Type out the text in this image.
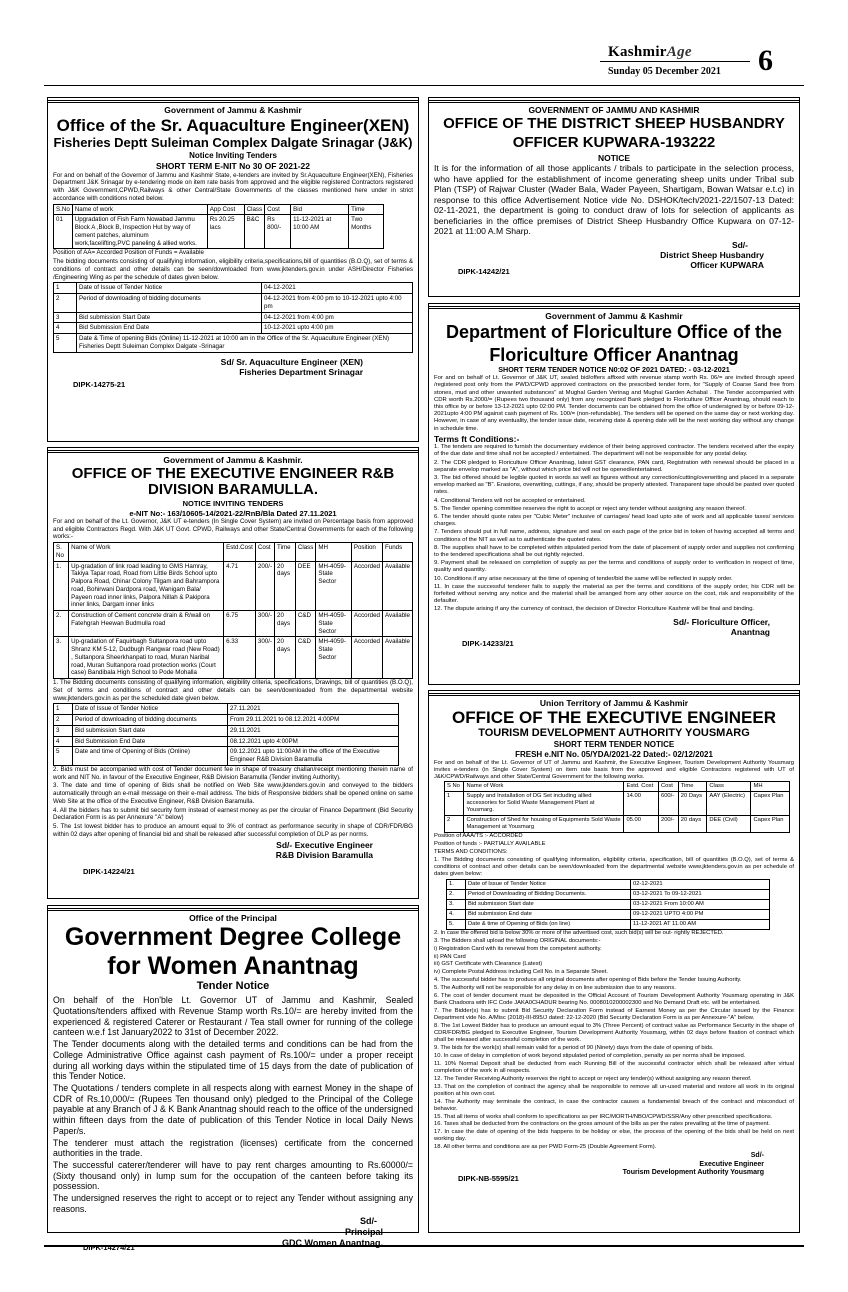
KashmirAge
Sunday 05 December 2021 6
Government of Jammu & Kashmir
Office of the Sr. Aquaculture Engineer(XEN)
Fisheries Deptt Suleiman Complex Dalgate Srinagar (J&K)
Notice Inviting Tenders
SHORT TERM E-NIT No 30 OF 2021-22

For and on behalf of the Governor of Jammu and Kashmir State, e-tenders are invited by Sr.Aquaculture Engineer(XEN), Fisheries Department J&K Srinagar by e-tendering mode on item rate basis from approved and the eligible registered Contractors registered with J&K Government,CPWD,Railways & other Central/State Governments of the classes mentioned here under in strict accordance with conditions noted below.

S.No	Name of work	App Cost	Class	Cost	Bid	Time
01	Upgradation of Fish Farm Nowabad Jammu Block A ,Block B, Inspection Hut by way of cement patches, aluminum work,facelifting,PVC paneling & allied works.	Rs 20.25 lacs	B&C	Rs 800/-	11-12-2021 at 10:00 AM	Two Months

Position of AA= Accorded Position of Funds = Available

The bidding documents consisting of qualifying information, eligibility criteria,specifications,bill of quantities (B.O.Q), set of terms & conditions of contract and other details can be seen/downloaded from www.jktenders.gov.in under ASH/Director Fisheries /Engineering Wing as per the schedule of dates given below.

1	Date of Issue of Tender Notice	04-12-2021
2	Period of downloading of bidding documents	04-12-2021 from 4:00 pm to 10-12-2021 upto 4:00 pm
3	Bid submission Start Date	04-12-2021 from 4:00 pm
4	Bid Submission End Date	10-12-2021 upto 4:00 pm
5	Date & Time of opening Bids (Online) 11-12-2021 at 10:00 am in the Office of the Sr. Aquaculture Engineer (XEN) Fisheries Deptt Suleiman Complex Dalgate -Srinagar	
Sd/ Sr. Aquaculture Engineer (XEN)
Fisheries Department Srinagar
DIPK-14275-21
Government of Jammu & Kashmir.
OFFICE OF THE EXECUTIVE ENGINEER R&B DIVISION BARAMULLA.
NOTICE INVITING TENDERS
e-NIT No:- 163/10605-14/2021-22/RnB/Bla Dated 27.11.2021

For and on behalf of the Lt. Governor, J&K UT e-tenders (In Single Cover System) are invited on Percentage basis from approved and eligible Contractors Regd. With J&K UT Govt. CPWD, Railways and other State/Central Governments for each of the following works:-

S. No	Name of Work	Estd.Cost	Cost	Time	Class	MH	Position	Funds
1.	Up-gradation of link road leading to GMS Hamray, Takiya Tapar road, Road from Little Birds School upto Palpora Road, Chinar Colony Tilgam and Bahrampora road, Bohirwani Dardpora road, Wanigam Bala/ Payeen road inner links, Palpora Nillah & Pakipora inner links, Dargam inner links	4.71	200/-	20 days	DEE	MH-4059-State Sector	Accorded	Available
2.	Construction of Cement concrete drain & R/wall on Fatehgrah Heewan Budmulla road	6.75	300/-	20 days	C&D	MH-4059-State Sector	Accorded	Available
3.	Up-gradation of Faquirbagh Sultanpora road upto Shranz KM 5-12, Dudbugh Rangwar road (New Road) , Sultanpora Sheerkhanpati to road, Muran Naribal road, Muran Sultanpora road protection works (Court case) Bandibala High School to Pode Mohalla	6.33	300/-	20 days	C&D	MH-4059-State Sector	Accorded	Available

1. The Bidding documents consisting of qualifying information, eligibility criteria, specifications, Drawings, bill of quantities (B.O.Q), Set of terms and conditions of contract and other details can be seen/downloaded from the departmental website www.jktenders.gov.in as per the scheduled date given below.

1	Date of Issue of Tender Notice	27.11.2021
2	Period of downloading of bidding documents	From 29.11.2021 to 08.12.2021 4:00PM
3	Bid submission Start date	29.11.2021
4	Bid Submission End Date	08.12.2021 upto 4:00PM
5	Date and time of Opening of Bids (Online)	09.12.2021 upto 11:00AM in the office of the Executive Engineer R&B Division Baramulla

2. Bids must be accompanied with cost of Tender document fee in shape of treasury challan/receipt mentioning therein name of work and NIT No. in favour of the Executive Engineer, R&B Division Baramulla (Tender inviting Authority).

3. The date and time of opening of Bids shall be notified on Web Site www.jktenders.gov.in and conveyed to the bidders automatically through an e-mail message on their e-mail address. The bids of Responsive bidders shall be opened online on same Web Site at the office of the Executive Engineer, R&B Division Baramulla.

4. All the bidders has to submit bid security form instead of earnest money as per the circular of Finance Department (Bid Security Declaration Form is as per Annexure "A" below)

5. The 1st lowest bidder has to produce an amount equal to 3% of contract as performance security in shape of CDR/FDR/BG within 02 days after opening of financial bid and shall be released after successful completion of DLP as per norms.

Sd/- Executive Engineer
R&B Division Baramulla
DIPK-14224/21
Office of the Principal
Government Degree College for Women Anantnag
Tender Notice

On behalf of the Hon'ble Lt. Governor UT of Jammu and Kashmir, Sealed Quotations/tenders affixed with Revenue Stamp worth Rs.10/= are hereby invited from the experienced & registered Caterer or Restaurant / Tea stall owner for running of the college canteen w.e.f 1st January2022 to 31st of December 2022.

The Tender documents along with the detailed terms and conditions can be had from the College Administrative Office against cash payment of Rs.100/= under a proper receipt during all working days within the stipulated time of 15 days from the date of publication of this Tender Notice.

The Quotations / tenders complete in all respects along with earnest Money in the shape of CDR of Rs.10,000/= (Rupees Ten thousand only) pledged to the Principal of the College payable at any Branch of J & K Bank Anantnag should reach to the office of the undersigned within fifteen days from the date of publication of this Tender Notice in local Daily News Paper/s.

The tenderer must attach the registration (licenses) certificate from the concerned authorities in the trade.

The successful caterer/tenderer will have to pay rent charges amounting to Rs.60000/= (Sixty thousand only) in lump sum for the occupation of the canteen before taking its possession.

The undersigned reserves the right to accept or to reject any Tender without assigning any reasons.

Sd/-
Principal
GDC Women Anantnag.
DIPK-14274/21
GOVERNMENT OF JAMMU AND KASHMIR
OFFICE OF THE DISTRICT SHEEP HUSBANDRY OFFICER KUPWARA-193222
NOTICE

It is for the information of all those applicants / tribals to participate in the selection process, who have applied for the establishment of income generating sheep units under Tribal sub Plan (TSP) of Rajwar Cluster (Wader Bala, Wader Payeen, Shartigam, Bowan Watsar e.t.c) in response to this office Advertisement Notice vide No. DSHOK/tech/2021-22/1507-13 Dated: 02-11-2021, the department is going to conduct draw of lots for selection of applicants as beneficiaries in the office premises of District Sheep Husbandry Office Kupwara on 07-12-2021 at 11:00 A.M Sharp.

Sd/-
District Sheep Husbandry
Officer KUPWARA
DIPK-14242/21
Government of Jammu & Kashmir
Department of Floriculture Office of the Floriculture Officer Anantnag
SHORT TERM TENDER NOTICE N0:02 OF 2021 DATED: - 03-12-2021

For and on behalf of Lt. Governor of J&K UT, sealed bid/offers affixed with revenue stamp worth Rs. 06/= are invited through speed /registered post only from the PWD/CPWD approved contractors on the prescribed tender form, for "Supply of Coarse Sand free from stones, mud and other unwanted substances" at Mughal Garden Verinag and Mughal Garden Achabal . The Tender accompanied with CDR worth Rs.2000/= (Rupees two thousand only) from any recognized Bank pledged to Floriculture Officer Anantnag, should reach to this office by or before 13-12-2021 upto 02:00 PM. Tender documents can be obtained from the office of undersigned by or before 09-12-2021upto 4:00 PM against cash payment of Rs. 100/= (non-refundable). The tenders will be opened on the same day or next working day. However, in case of any eventuality, the tender issue date, receiving date & opening date will be the next working day without any change in schedule time.

Terms ft Conditions:-

1. The tenders are required to furnish the documentary evidence of their being approved contractor. The tenders received after the expiry of the due date and time shall not be accepted / entertained. The department will not be responsible for any postal delay.

2. The CDR pledged to Floriculture Officer Anantnag, latest GST clearance, PAN card, Registration with renewal should be placed in a separate envelop marked as "A", without which price bid will not be opened/entertained.

3. The bid offered should be legible quoted in words as well as figures without any correction/cutting/overwriting and placed in a separate envelop marked as "B". Erasions, overwriting, cuttings, if any, should be properly attested. Transparent tape should be pasted over quoted rates.

4. Conditional Tenders will not be accepted or entertained.

5. The Tender opening committee reserves the right to accept or reject any tender without assigning any reason thereof.

6. The tender should quote rates per "Cubic Meter" inclusive of carriages/ head load upto site of work and all applicable taxes/ services charges.

7. Tenders should put in full name, address, signature and seal on each page of the price bid in token of having accepted all terms and conditions of the NIT as well as to authenticate the quoted rates.

8. The supplies shall have to be completed within stipulated period from the date of placement of supply order and supplies not confirming to the tendered specifications shall be out rightly rejected.

9. Payment shall be released on completion of supply as per the terms and conditions of supply order to verification in respect of time, quality and quantity.

10. Conditions if any arise necessary at the time of opening of tender/bid the same will be reflected in supply order.

11. In case the successful tenderer fails to supply the material as per the terms and conditions of the supply order, his CDR will be forfeited without serving any notice and the material shall be arranged from any other source on the cost, risk and responsibility of the defaulter.

12. The dispute arising if any the currency of contract, the decision of Director Floriculture Kashmir will be final and binding.

Sd/- Floriculture Officer,
Anantnag
DIPK-14233/21
Union Territory of Jammu & Kashmir
OFFICE OF THE EXECUTIVE ENGINEER
TOURISM DEVELOPMENT AUTHORITY YOUSMARG
SHORT TERM TENDER NOTICE
FRESH e.NIT No. 05/YDA/2021-22 Dated:- 02/12/2021

For and on behalf of the Lt. Governor of UT of Jammu and Kashmir, the Executive Engineer, Tourism Development Authority Yousmarg invites e-tenders (in Single Cover System) on item rate basis from the approved and eligible Contractors registered with UT of J&K/CPWD/Railways and other State/Central Government for the following works.

S No	Name of Work	Estd. Cost	Cost	Time	Class	MH
1	Supply and Installation of DG Set including allied accessories for Solid Waste Management Plant at Yousmarg.	14.00	600/-	20 Days	AAY (Electric)	Capex Plan
2	Construction of Shed for housing of Equipments Sold Waste Management at Yousmarg	05.00	200/-	20 days	DEE (Civil)	Capex Plan

Position of AAA/TS :- ACCORDED

Position of funds :- PARTIALLY AVAILABLE

TERMS AND CONDITIONS:

1. The Bidding documents consisting of qualifying information, eligibility criteria, specification, bill of quantities (B.O.Q), set of terms & conditions of contract and other details can be seen/downloaded from the departmental website www.jktenders.gov.in as per schedule of dates given below:

1.	Date of Issue of Tender Notice	02-12-2021
2.	Period of Downloading of Bidding Documents.	03-12-2021 To 09-12-2021
3.	Bid submission Start date	03-12-2021 From 10:00 AM
4.	Bid submission End date	09-12-2021 UPTO 4:00 PM
5.	Date & time of Opening of Bids (on line)	11-12-2021 AT 11.00 AM

2. In case the offered bid is below 30% or more of the advertised cost, such bid(s) will be out- rightly REJECTED.

3. The Bidders shall upload the following ORIGINAL documents:-

i) Registration Card with its renewal from the competent authority.

ii) PAN Card

iii) GST Certificate with Clearance (Latest)

iv) Complete Postal Address including Cell No. in a Separate Sheet.

4. The successful bidder has to produce all original documents after opening of Bids before the Tender Issuing Authority.

5. The Authority will not be responsible for any delay in on line submission due to any reasons.

6. The cost of tender document must be deposited in the Official Account of Tourism Development Authority Yousmarg operating in J&K Bank Chadoora with IFC Code JAKA0CHADUR bearing No. 0008010200002300 and No Demand Draft etc. will be entertained.

7. The Bidder(s) has to submit Bid Security Declaration Form instead of Earnest Money as per the Circular issued by the Finance Department vide No. A/Misc (2018)-III-895/J dated: 22-12-2020 (Bid Security Declaration Form is as per Annexure-"A" below.

8. The 1st Lowest Bidder has to produce an amount equal to 3% (Three Percent) of contract value as Performance Security in the shape of CDR/FDR/BG pledged to Executive Engineer, Tourism Development Authority Yousmarg, within 02 days before fixation of contract which shall be released after successful completion of the work.

9. The bids for the work(s) shall remain valid for a period of 90 (Ninety) days from the date of opening of bids.

10. In case of delay in completion of work beyond stipulated period of completion, penalty as per norms shall be imposed.

11. 10% Normal Deposit shall be deducted from each Running Bill of the successful contractor which shall be released after virtual completion of the work in all respects.

12. The Tender Receiving Authority reserves the right to accept or reject any tender(s) without assigning any reason thereof.

13. That on the completion of contract the agency shall be responsible to remove all un-used material and restore all work in its original position at his own cost.

14. The Authority may terminate the contract, in case the contractor causes a fundamental breach of the contract and misconduct of behavior.

15. That all items of works shall conform to specifications as per IRC/MORTH/NBO/CPWD/SSR/Any other prescribed specifications.

16. Taxes shall be deducted from the contractors on the gross amount of the bills as per the rates prevailing at the time of payment.

17. In case the date of opening of the bids happens to be holiday or else, the process of the opening of the bids shall be held on next working day.

18. All other terms and conditions are as per PWD Form-25 (Double Agreement Form).

Sd/-
Executive Engineer
Tourism Development Authority Yousmarg
DIPK-NB-5595/21
